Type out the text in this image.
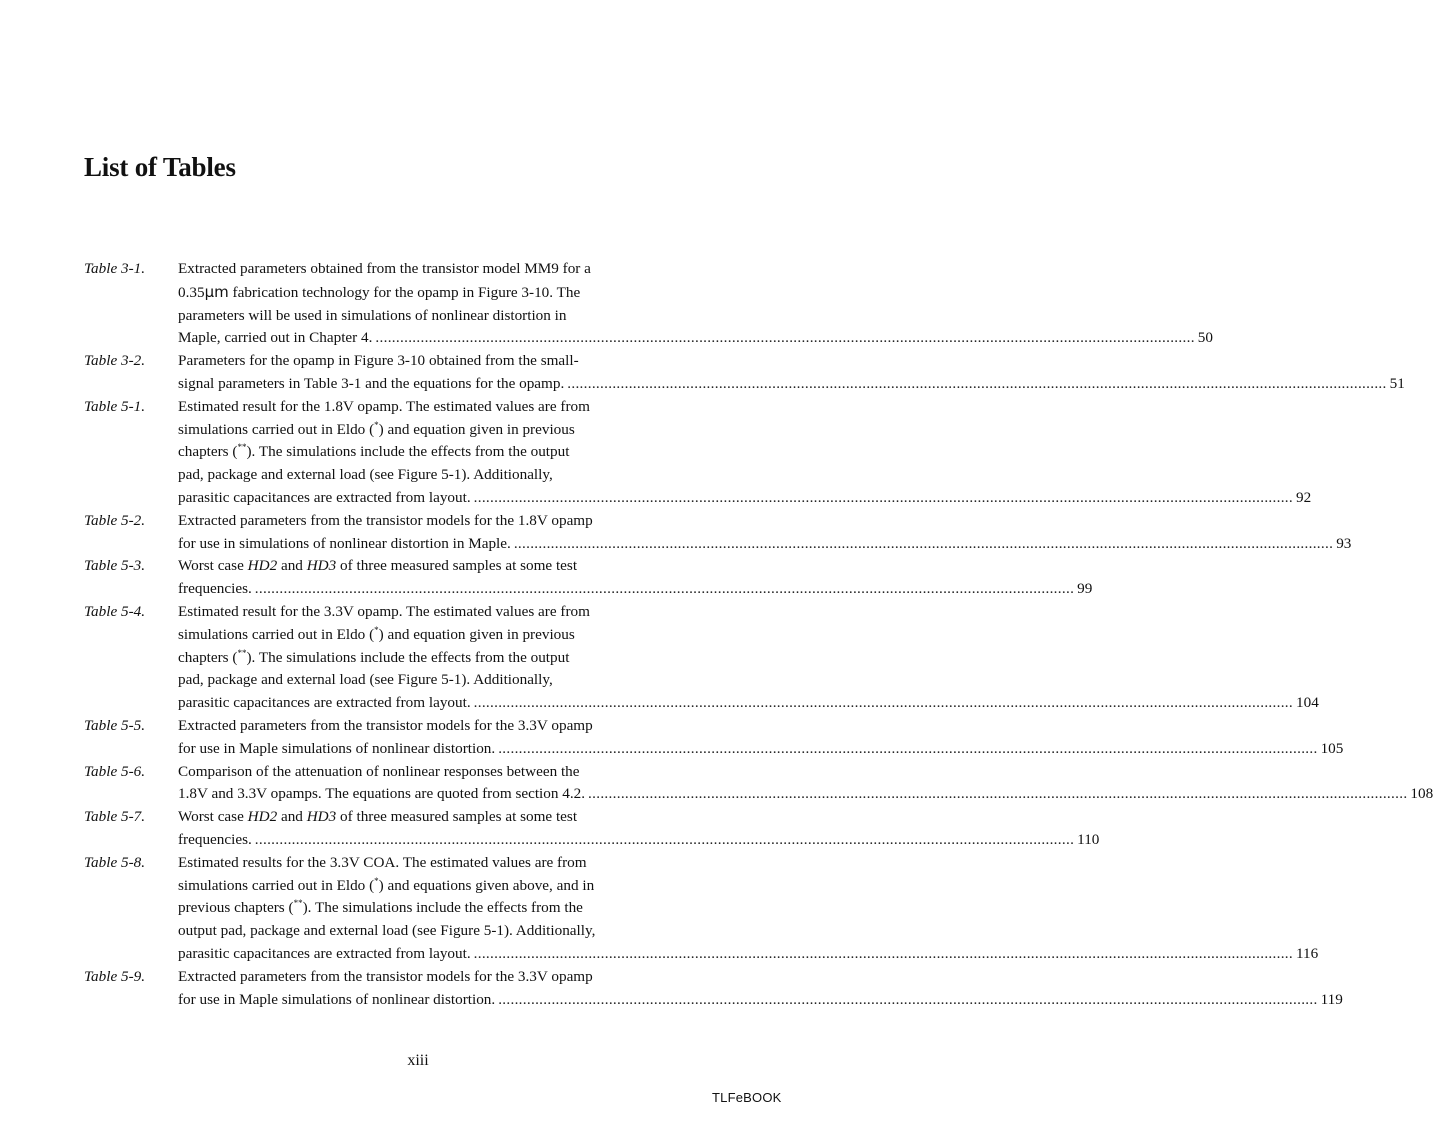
List of Tables
Table 3-1. Extracted parameters obtained from the transistor model MM9 for a
0.35μm fabrication technology for the opamp in Figure 3-10. The
parameters will be used in simulations of nonlinear distortion in
Maple, carried out in Chapter 4. .....	50
Table 3-2. Parameters for the opamp in Figure 3-10 obtained from the small-
signal parameters in Table 3-1 and the equations for the opamp. .....	51
Table 5-1. Estimated result for the 1.8V opamp. The estimated values are from
simulations carried out in Eldo (*) and equation given in previous
chapters (**). The simulations include the effects from the output
pad, package and external load (see Figure 5-1). Additionally,
parasitic capacitances are extracted from layout. .....	92
Table 5-2. Extracted parameters from the transistor models for the 1.8V opamp
for use in simulations of nonlinear distortion in Maple. .....	93
Table 5-3. Worst case HD2 and HD3 of three measured samples at some test
frequencies. .....	99
Table 5-4. Estimated result for the 3.3V opamp. The estimated values are from
simulations carried out in Eldo (*) and equation given in previous
chapters (**). The simulations include the effects from the output
pad, package and external load (see Figure 5-1). Additionally,
parasitic capacitances are extracted from layout. .....	104
Table 5-5. Extracted parameters from the transistor models for the 3.3V opamp
for use in Maple simulations of nonlinear distortion. .....	105
Table 5-6. Comparison of the attenuation of nonlinear responses between the
1.8V and 3.3V opamps. The equations are quoted from section 4.2. .....	108
Table 5-7. Worst case HD2 and HD3 of three measured samples at some test
frequencies. .....	110
Table 5-8. Estimated results for the 3.3V COA. The estimated values are from
simulations carried out in Eldo (*) and equations given above, and in
previous chapters (**). The simulations include the effects from the
output pad, package and external load (see Figure 5-1). Additionally,
parasitic capacitances are extracted from layout. .....	116
Table 5-9. Extracted parameters from the transistor models for the 3.3V opamp
for use in Maple simulations of nonlinear distortion. .....	119
xiii
TLFeBOOK
